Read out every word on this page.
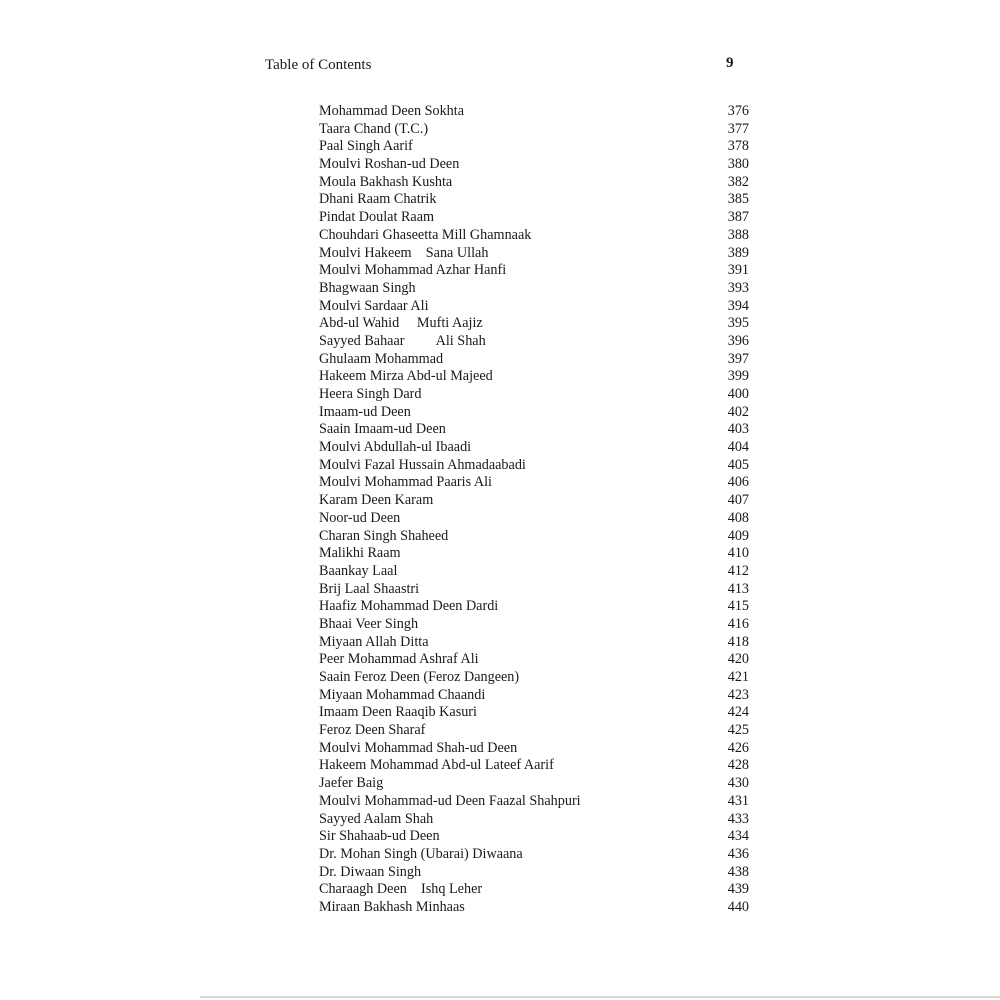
Table of Contents	9
Mohammad Deen Sokhta	376
Taara Chand (T.C.)	377
Paal Singh Aarif	378
Moulvi Roshan-ud Deen	380
Moula Bakhash Kushta	382
Dhani Raam Chatrik	385
Pindat Doulat Raam	387
Chouhdari Ghaseetta Mill Ghamnaak	388
Moulvi Hakeem    Sana Ullah	389
Moulvi Mohammad Azhar Hanfi	391
Bhagwaan Singh	393
Moulvi Sardaar Ali	394
Abd-ul Wahid     Mufti Aajiz	395
Sayyed Bahaar         Ali Shah	396
Ghulaam Mohammad	397
Hakeem Mirza Abd-ul Majeed	399
Heera Singh Dard	400
Imaam-ud Deen	402
Saain Imaam-ud Deen	403
Moulvi Abdullah-ul Ibaadi	404
Moulvi Fazal Hussain Ahmadaabadi	405
Moulvi Mohammad Paaris Ali	406
Karam Deen Karam	407
Noor-ud Deen	408
Charan Singh Shaheed	409
Malikhi Raam	410
Baankay Laal	412
Brij Laal Shaastri	413
Haafiz Mohammad Deen Dardi	415
Bhaai Veer Singh	416
Miyaan Allah Ditta	418
Peer Mohammad Ashraf Ali	420
Saain Feroz Deen (Feroz Dangeen)	421
Miyaan Mohammad Chaandi	423
Imaam Deen Raaqib Kasuri	424
Feroz Deen Sharaf	425
Moulvi Mohammad Shah-ud Deen	426
Hakeem Mohammad Abd-ul Lateef Aarif	428
Jaefer Baig	430
Moulvi Mohammad-ud Deen Faazal Shahpuri	431
Sayyed Aalam Shah	433
Sir Shahaab-ud Deen	434
Dr. Mohan Singh (Ubarai) Diwaana	436
Dr. Diwaan Singh	438
Charaagh Deen    Ishq Leher	439
Miraan Bakhash Minhaas	440
